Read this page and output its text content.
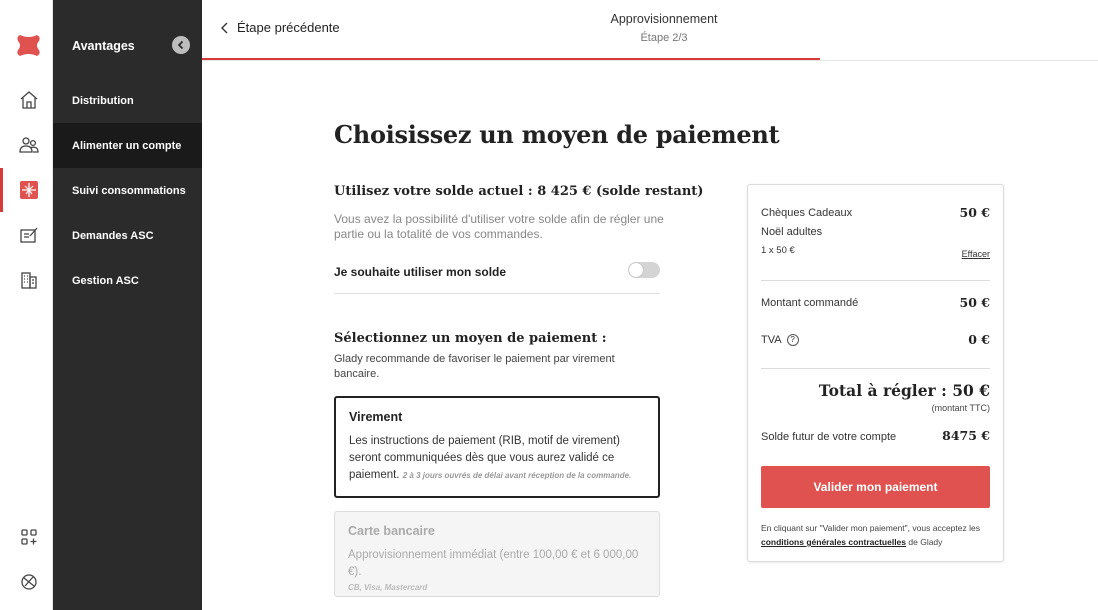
Avantages
Distribution
Alimenter un compte
Suivi consommations
Demandes ASC
Gestion ASC
Étape précédente
Approvisionnement
Étape 2/3
Choisissez un moyen de paiement
Utilisez votre solde actuel : 8 425 € (solde restant)
Vous avez la possibilité d'utiliser votre solde afin de régler une partie ou la totalité de vos commandes.
Je souhaite utiliser mon solde
Sélectionnez un moyen de paiement :
Glady recommande de favoriser le paiement par virement bancaire.
Virement
Les instructions de paiement (RIB, motif de virement) seront communiquées dès que vous aurez validé ce paiement. 2 à 3 jours ouvrés de délai avant réception de la commande.
Carte bancaire
Approvisionnement immédiat (entre 100,00 € et 6 000,00 €).
CB, Visa, Mastercard
Chèques Cadeaux	50 €
Noël adultes
1 x 50 €	Effacer
Montant commandé	50 €
TVA ?	0 €
Total à régler : 50 €
(montant TTC)
Solde futur de votre compte	8475 €
Valider mon paiement
En cliquant sur "Valider mon paiement", vous acceptez les conditions générales contractuelles de Glady
